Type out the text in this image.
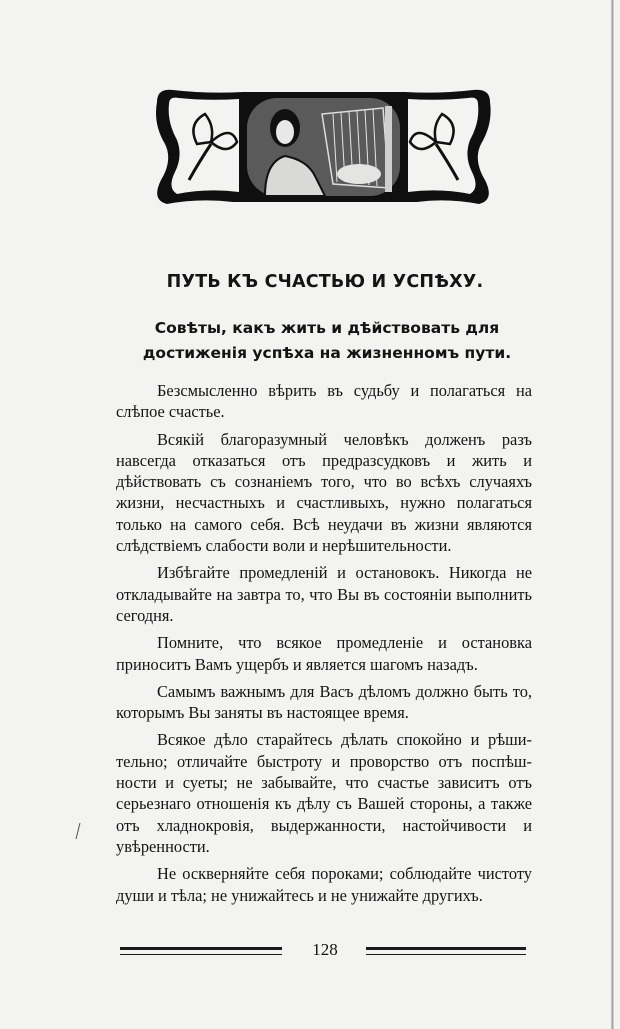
ПУТЬ КЪ СЧАСТЬЮ И УСПѢХУ.

Совѣты, какъ жить и дѣйствовать для достиженія успѣха на жизненномъ пути.

Безсмысленно вѣрить въ судьбу и полагаться на слѣпое счастье.

Всякій благоразумный человѣкъ долженъ разъ навсегда отказаться отъ предразсудковъ и жить и дѣйствовать съ сознаніемъ того, что во всѣхъ случаяхъ жизни, несчастныхъ и счастливыхъ, нужно полагаться только на самого себя. Всѣ неудачи въ жизни являются слѣдствіемъ слабости воли и нерѣшительности.

Избѣгайте промедленій и остановокъ. Никогда не откладывайте на завтра то, что Вы въ состояніи выполнить сегодня.

Помните, что всякое промедленіе и остановка приноситъ Вамъ ущербъ и является шагомъ назадъ.

Самымъ важнымъ для Васъ дѣломъ должно быть то, которымъ Вы заняты въ настоящее время.

Всякое дѣло старайтесь дѣлать спокойно и рѣшительно; отличайте быстроту и проворство отъ поспѣшности и суеты; не забывайте, что счастье зависитъ отъ серьезнаго отношенія къ дѣлу съ Вашей стороны, а также отъ хладнокровія, выдержанности, настойчивости и увѣренности.

Не оскверняйте себя пороками; соблюдайте чистоту души и тѣла; не унижайтесь и не унижайте другихъ.

128
